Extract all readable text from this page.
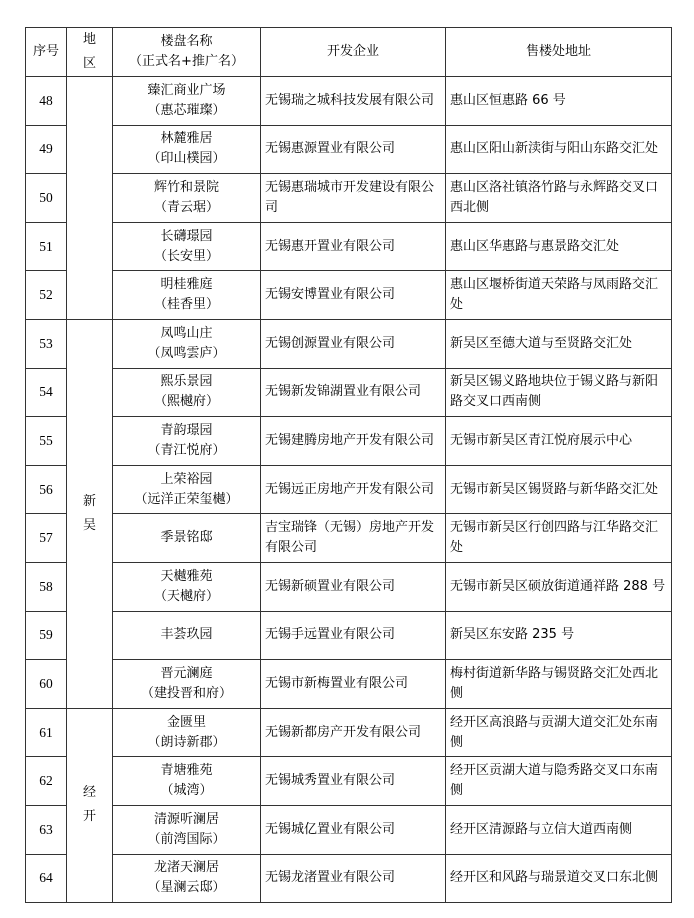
序号	地区	楼盘名称
（正式名+推广名）	开发企业	售楼处地址
48		臻汇商业广场
（惠芯璀璨）	无锡瑞之城科技发展有限公司	惠山区恒惠路 66 号
49		林麓雅居
（印山樸园）	无锡惠源置业有限公司	惠山区阳山新渎街与阳山东路交汇处
50		辉竹和景院
（青云琚）	无锡惠瑞城市开发建设有限公司	惠山区洛社镇洛竹路与永辉路交叉口西北侧
51		长礴璟园
（长安里）	无锡惠开置业有限公司	惠山区华惠路与惠景路交汇处
52		明桂雅庭
（桂香里）	无锡安博置业有限公司	惠山区堰桥街道天荣路与凤雨路交汇处
53	新吴	凤鸣山庄
（凤鸣雲庐）	无锡创源置业有限公司	新吴区至德大道与至贤路交汇处
54		熙乐景园
（熙樾府）	无锡新发锦湖置业有限公司	新吴区锡义路地块位于锡义路与新阳路交叉口西南侧
55		青韵璟园
（青江悦府）	无锡建腾房地产开发有限公司	无锡市新吴区青江悦府展示中心
56		上荣裕园
（远洋正荣玺樾）	无锡远正房地产开发有限公司	无锡市新吴区锡贤路与新华路交汇处
57		季景铭邸	吉宝瑞锋（无锡）房地产开发有限公司	无锡市新吴区行创四路与江华路交汇处
58		天樾雅苑
（天樾府）	无锡新硕置业有限公司	无锡市新吴区硕放街道通祥路 288 号
59		丰荟玖园	无锡手远置业有限公司	新吴区东安路 235 号
60		晋元澜庭
（建投晋和府）	无锡市新梅置业有限公司	梅村街道新华路与锡贤路交汇处西北侧
61	经开	金匮里
（朗诗新郡）	无锡新都房产开发有限公司	经开区高浪路与贡湖大道交汇处东南侧
62		青塘雅苑
（城湾）	无锡城秀置业有限公司	经开区贡湖大道与隐秀路交叉口东南侧
63		清源听澜居
（前湾国际）	无锡城亿置业有限公司	经开区清源路与立信大道西南侧
64		龙渚天澜居
（星澜云邸）	无锡龙渚置业有限公司	经开区和风路与瑞景道交叉口东北侧
